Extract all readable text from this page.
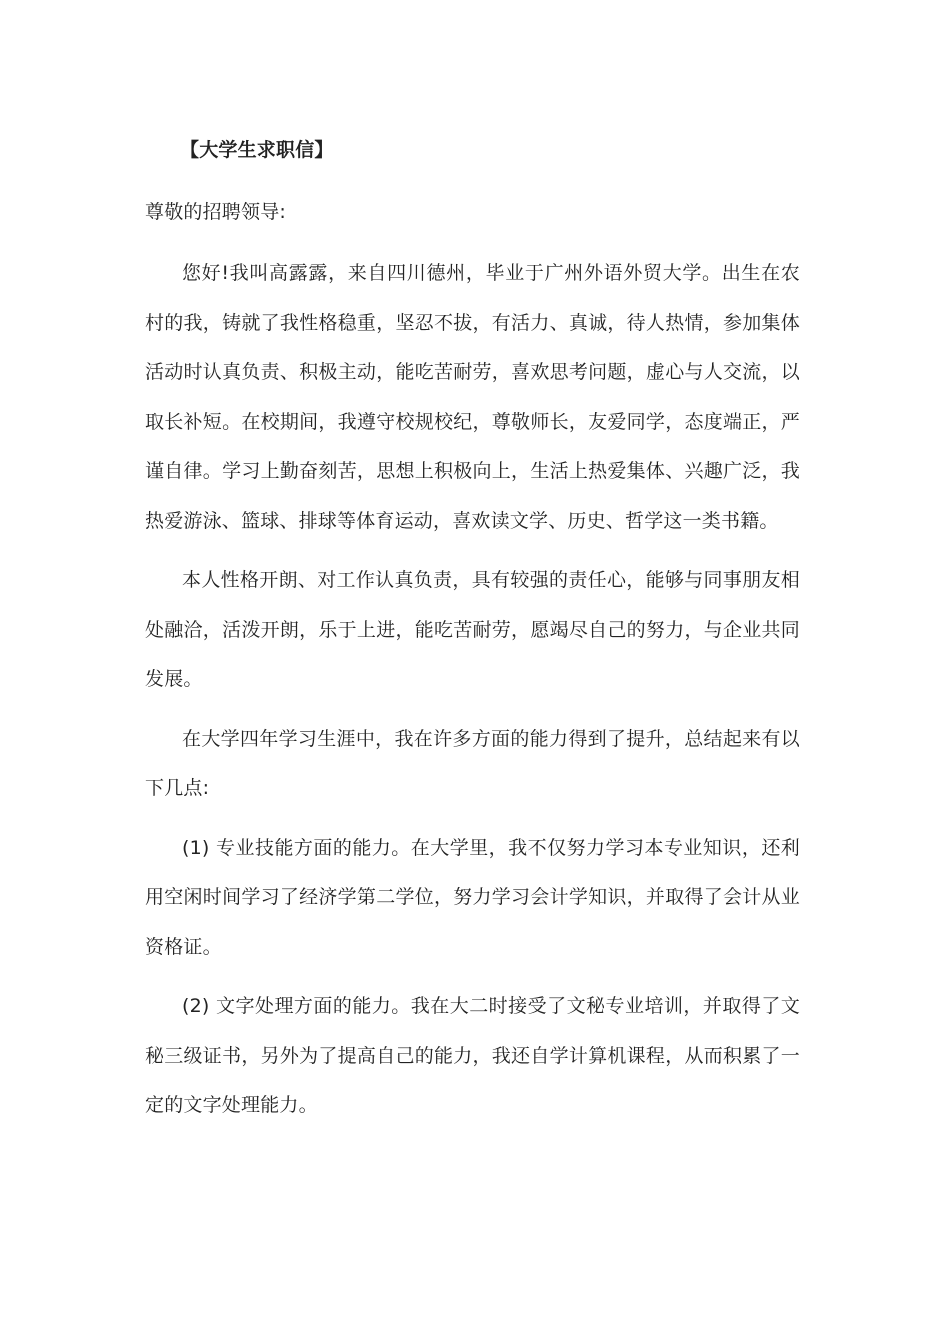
【大学生求职信】
尊敬的招聘领导:

您好!我叫高露露，来自四川德州，毕业于广州外语外贸大学。出生在农村的我，铸就了我性格稳重，坚忍不拔，有活力、真诚，待人热情，参加集体活动时认真负责、积极主动，能吃苦耐劳，喜欢思考问题，虚心与人交流，以取长补短。在校期间，我遵守校规校纪，尊敬师长，友爱同学，态度端正，严谨自律。学习上勤奋刻苦，思想上积极向上，生活上热爱集体、兴趣广泛，我热爱游泳、篮球、排球等体育运动，喜欢读文学、历史、哲学这一类书籍。

本人性格开朗、对工作认真负责，具有较强的责任心，能够与同事朋友相处融洽，活泼开朗，乐于上进，能吃苦耐劳，愿竭尽自己的努力，与企业共同发展。

在大学四年学习生涯中，我在许多方面的能力得到了提升，总结起来有以下几点:

(1) 专业技能方面的能力。在大学里，我不仅努力学习本专业知识，还利用空闲时间学习了经济学第二学位，努力学习会计学知识，并取得了会计从业资格证。

(2) 文字处理方面的能力。我在大二时接受了文秘专业培训，并取得了文秘三级证书，另外为了提高自己的能力，我还自学计算机课程，从而积累了一定的文字处理能力。
